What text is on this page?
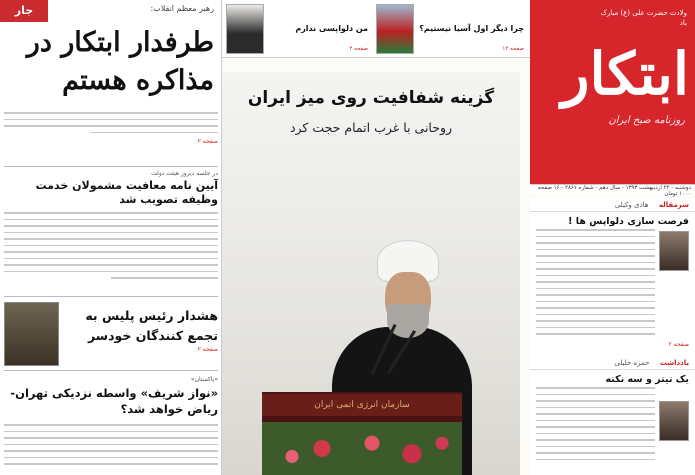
جار	رهبر معظم انقلاب:
طرفدار ابتکار در مذاکره هستم
صفحه ۲
در جلسه دیروز هیئت دولت
آیین نامه معافیت مشمولان خدمت وظیفه تصویب شد
هشدار رئیس پلیس به تجمع کنندگان خودسر
صفحه ۲
«پاکستان»
«نواز شریف» واسطه نزدیکی تهران-ریاض خواهد شد؟
من دلواپسی ندارم
صفحه ۲
چرا دیگر اول آسیا نیستیم؟
صفحه ۱۲
گزینه شفافیت روی میز ایران
روحانی با غرب اتمام حجت کرد
سازمان انرژی اتمی ایران
ولادت حضرت علی (ع) مبارک باد
ابتکار
روزنامه صبح ایران
دوشنبه - ۲۲ اردیبهشت ۱۳۹۳ - سال دهم - شماره ۲۸۶۱ - ۱۶ صفحه ۱۰۰۰ تومان
سرمقاله هادی وکیلی
فرصت سازی دلواپس ها !
صفحه ۲
یادداشت حمزه خلیلی
یک تیتر و سه نکته
